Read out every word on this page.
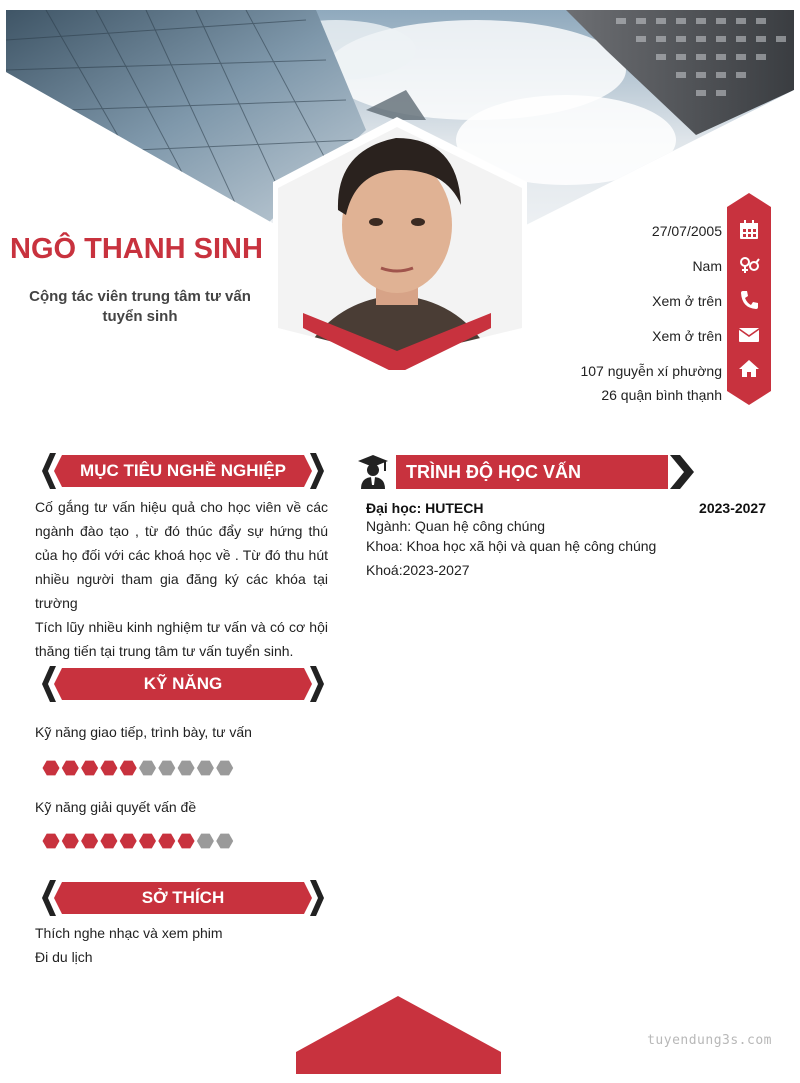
NGÔ THANH SINH
Cộng tác viên trung tâm tư vấn tuyển sinh
27/07/2005
Nam
Xem ở trên
Xem ở trên
107 nguyễn xí phường
26 quận bình thạnh
MỤC TIÊU NGHỀ NGHIỆP

Cố gắng tư vấn hiệu quả cho học viên về các ngành đào tạo , từ đó thúc đẩy sự hứng thú của họ đối với các khoá học về . Từ đó thu hút nhiều người tham gia đăng ký các khóa tại trường

Tích lũy nhiều kinh nghiệm tư vấn và có cơ hội thăng tiến tại trung tâm tư vấn tuyển sinh.

KỸ NĂNG
Kỹ năng giao tiếp, trình bày, tư vấn
Kỹ năng giải quyết vấn đề
SỞ THÍCH
Thích nghe nhạc và xem phim
Đi du lịch
TRÌNH ĐỘ HỌC VẤN
Đại học: HUTECH	2023-2027
Ngành: Quan hệ công chúng
Khoa: Khoa học xã hội và quan hệ công chúng
Khoá:2023-2027
tuyendung3s.com
